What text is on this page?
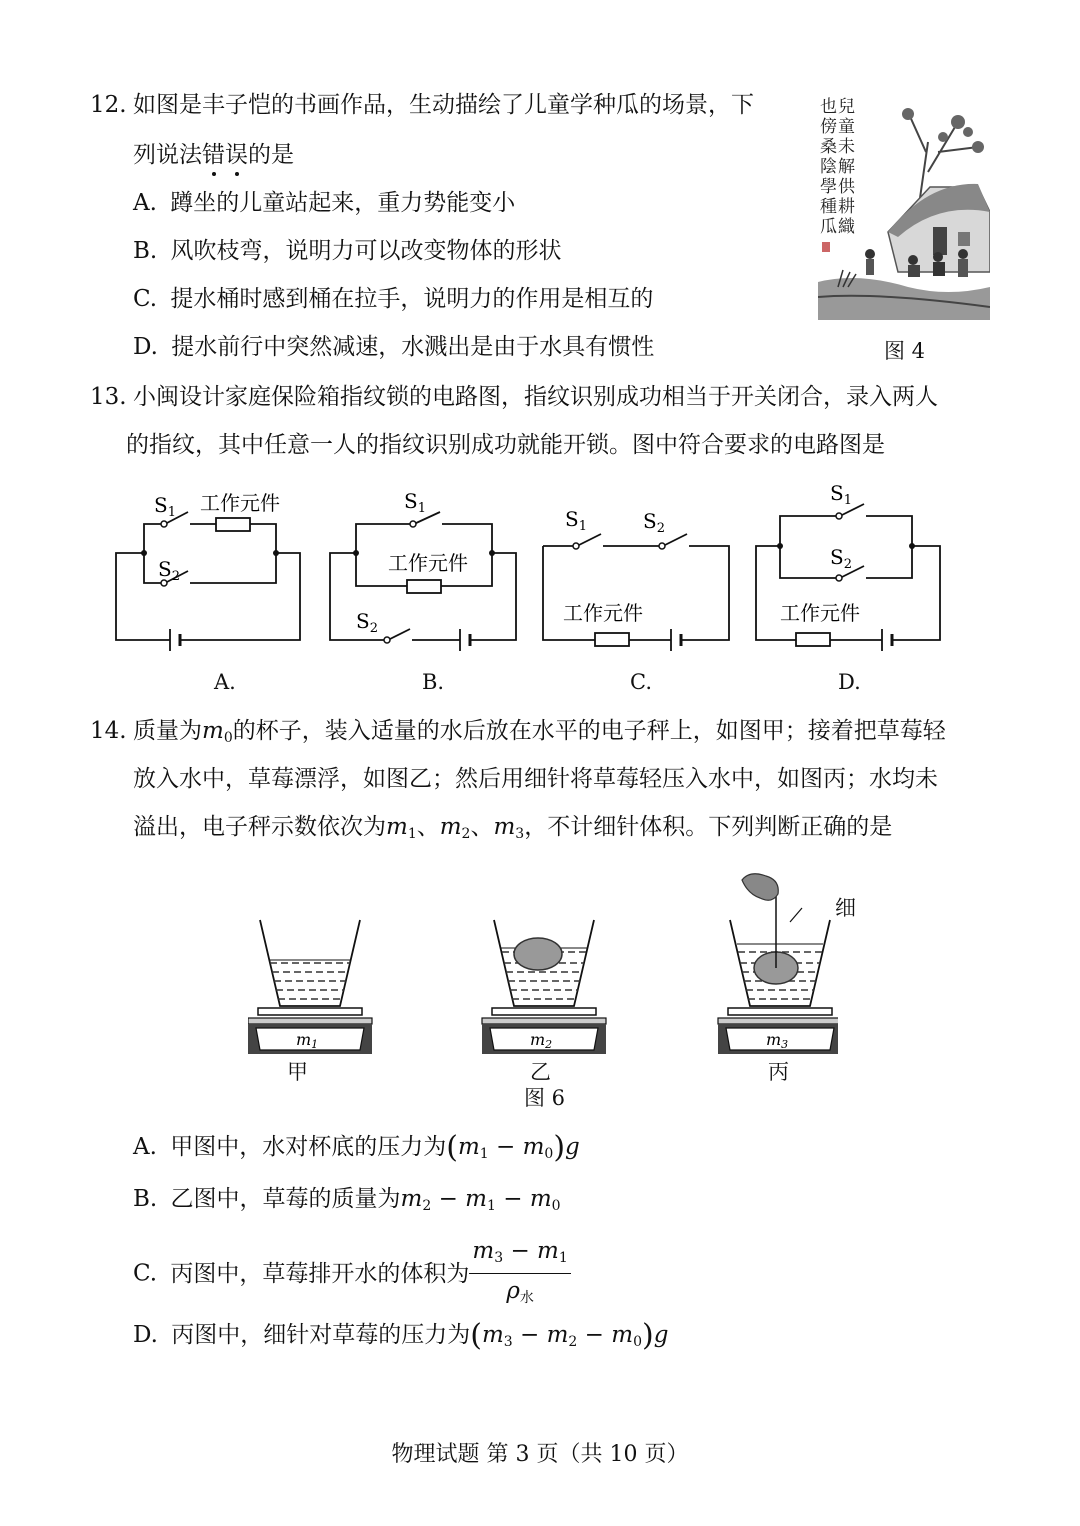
12. 如图是丰子恺的书画作品，生动描绘了儿童学种瓜的场景，下
列说法错误
的是
A. 蹲坐的儿童站起来，重力势能变小
B. 风吹枝弯，说明力可以改变物体的形状
C. 提水桶时感到桶在拉手，说明力的作用是相互的
D. 提水前行中突然减速，水溅出是由于水具有惯性
兒
童
未
解
供
耕
織
也
傍
桑
陰
學
種
瓜
图 4
13. 小闽设计家庭保险箱指纹锁的电路图，指纹识别成功相当于开关闭合，录入两人
的指纹，其中任意一人的指纹识别成功就能开锁。图中符合要求的电路图是
$S_1$ 工作元件
$S_2$
A.
$S_1$
工作元件
$S_2$
B.
$S_1$	$S_2$
工作元件
C.
$S_1$
$S_2$
工作元件
D.
14. 质量为$m_0$的杯子，装入适量的水后放在水平的电子秤上，如图甲；接着把草莓轻
放入水中，草莓漂浮，如图乙；然后用细针将草莓轻压入水中，如图丙；水均未
溢出，电子秤示数依次为$m_1$、$m_2$、$m_3$，不计细针体积。下列判断正确的是
m1	m2	m3
细
甲	乙	丙
图 6
A. 甲图中，水对杯底的压力为$(m_1 - m_0)g$
B. 乙图中，草莓的质量为$m_2 - m_1 - m_0$
C. 丙图中，草莓排开水的体积为 $\frac{m_3 - m_1}{\rho_水}$
D. 丙图中，细针对草莓的压力为$(m_3 - m_2 - m_0)g$
物理试题 第 3 页（共 10 页）
